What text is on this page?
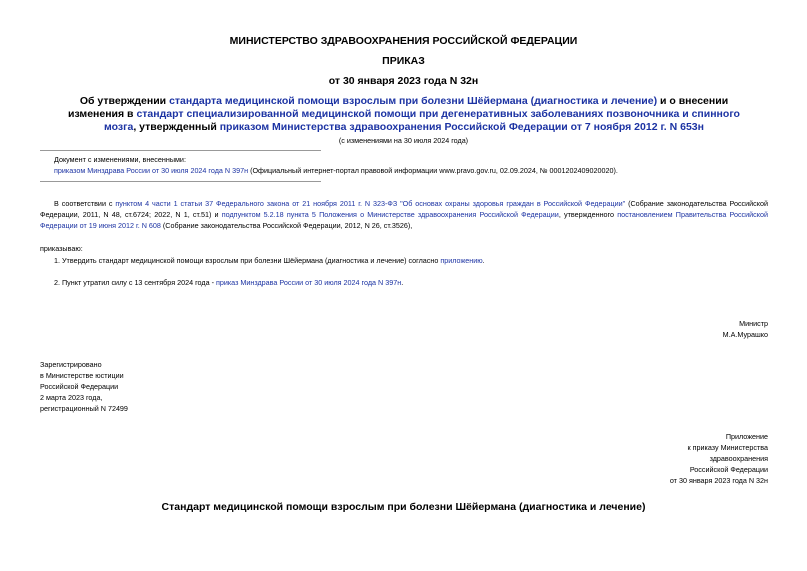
МИНИСТЕРСТВО ЗДРАВООХРАНЕНИЯ РОССИЙСКОЙ ФЕДЕРАЦИИ
ПРИКАЗ
от 30 января 2023 года N 32н
Об утверждении стандарта медицинской помощи взрослым при болезни Шёйермана (диагностика и лечение) и о внесении изменения в стандарт специализированной медицинской помощи при дегенеративных заболеваниях позвоночника и спинного мозга, утвержденный приказом Министерства здравоохранения Российской Федерации от 7 ноября 2012 г. N 653н
(с изменениями на 30 июля 2024 года)
Документ с изменениями, внесенными:
приказом Минздрава России от 30 июля 2024 года N 397н (Официальный интернет-портал правовой информации www.pravo.gov.ru, 02.09.2024, № 0001202409020020).
В соответствии с пунктом 4 части 1 статьи 37 Федерального закона от 21 ноября 2011 г. N 323-ФЗ "Об основах охраны здоровья граждан в Российской Федерации" (Собрание законодательства Российской Федерации, 2011, N 48, ст.6724; 2022, N 1, ст.51) и подпунктом 5.2.18 пункта 5 Положения о Министерстве здравоохранения Российской Федерации, утвержденного постановлением Правительства Российской Федерации от 19 июня 2012 г. N 608 (Собрание законодательства Российской Федерации, 2012, N 26, ст.3526),
приказываю:
1. Утвердить стандарт медицинской помощи взрослым при болезни Шёйермана (диагностика и лечение) согласно приложению.
2. Пункт утратил силу с 13 сентября 2024 года - приказ Минздрава России от 30 июля 2024 года N 397н.
Министр
М.А.Мурашко
Зарегистрировано
в Министерстве юстиции
Российской Федерации
2 марта 2023 года,
регистрационный N 72499
Приложение
к приказу Министерства
здравоохранения
Российской Федерации
от 30 января 2023 года N 32н
Стандарт медицинской помощи взрослым при болезни Шёйермана (диагностика и лечение)
